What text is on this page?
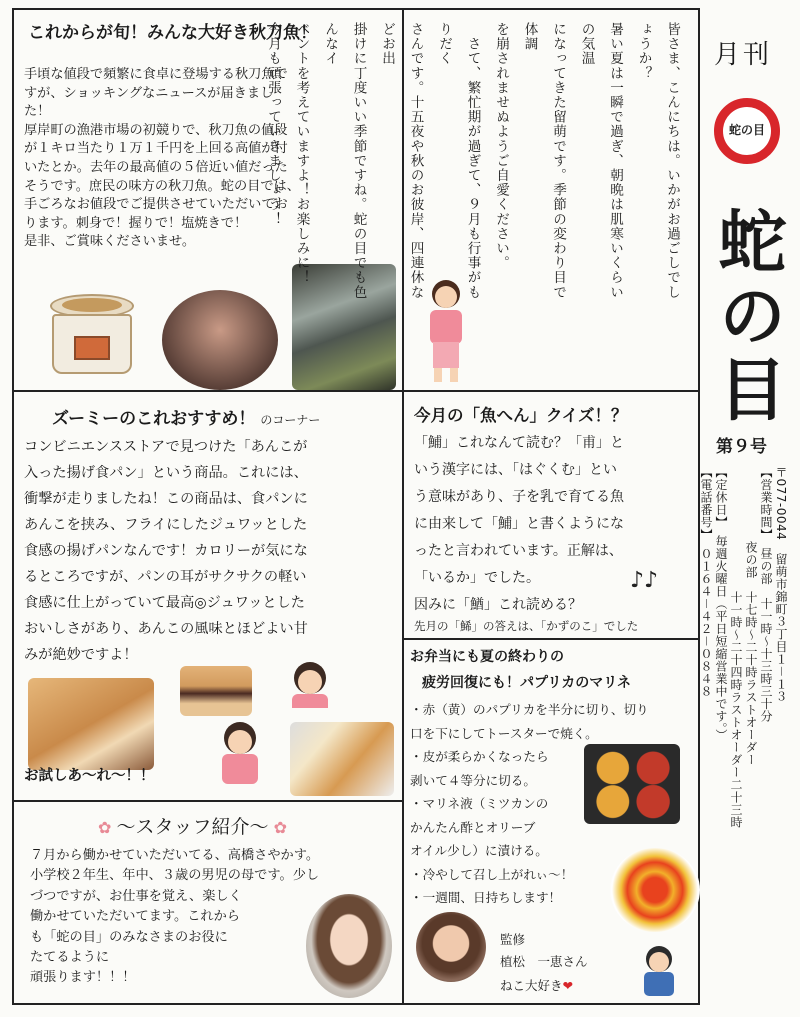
これからが旬！みんな大好き秋刀魚！

手頃な値段で頻繁に食卓に登場する秋刀魚で

すが、ショッキングなニュースが届きまし

た！

厚岸町の漁港市場の初競りで、秋刀魚の値段

が１キロ当たり１万１千円を上回る高値が付

いたとか。去年の最高値の５倍近い値だった

そうです。庶民の味方の秋刀魚。蛇の目では、

手ごろなお値段でご提供させていただいてお

ります。刺身で！握りで！塩焼きで！

是非、ご賞味くださいませ。	皆さま、こんにちは。いかがお過ごしでしょうか？

暑い夏は一瞬で過ぎ、朝晩は肌寒いくらいの気温

になってきた留萌です。季節の変わり目で体調

を崩されませぬようご自愛ください。

　さて、繁忙期が過ぎて、９月も行事がもりだく

さんです。十五夜や秋のお彼岸、四連休などお出

掛けに丁度いい季節ですね。蛇の目でも色んなイ

ベントを考えていますよ！お楽しみに！

今月も頑張っていきましょう！	月刊
蛇の目
蛇の目
第９号

〒077-0044　留萌市錦町３丁目１－１３

【営業時間】　昼の部　十一時～十三時三十分

　　　　　　夜の部　十七時～二十時ラストオーダー

　　　　　　　　　　十一時～二十四時ラストオーダー二十三時

【定休日】　毎週火曜日（平日短縮営業中です。）

【電話番号】　０１６４－４２－０８４８

ズーミーのこれおすすめ！ のコーナー

コンビニエンスストアで見つけた「あんこが

入った揚げ食パン」という商品。これには、

衝撃が走りましたね！この商品は、食パンに

あんこを挟み、フライにしたジュワッとした

食感の揚げパンなんです！カロリーが気にな

るところですが、パンの耳がサクサクの軽い

食感に仕上がっていて最高◎ジュワッとした

おいしさがあり、あんこの風味とほどよい甘

みが絶妙ですよ！

お試しあ～れ～！！
今月の「魚へん」クイズ！？

「鯆」これなんて読む？「甫」と

いう漢字には、「はぐくむ」とい

う意味があり、子を乳で育てる魚

に由来して「鯆」と書くようにな

ったと言われています。正解は、

「いるか」でした。

因みに「鰌」これ読める？

♪♪
先月の「鯑」の答えは、「かずのこ」でした
お弁当にも夏の終わりの
疲労回復にも！パプリカのマリネ

・赤（黄）のパプリカを半分に切り、切り

口を下にしてトースターで焼く。

・皮が柔らかくなったら

剥いて４等分に切る。

・マリネ液（ミツカンの

かんたん酢とオリーブ

オイル少し）に漬ける。

・冷やして召し上がれぃ～！

・一週間、日持ちします！

監修
植松　一恵さん
ねこ大好き❤
✿ ～スタッフ紹介～ ✿

７月から働かせていただいてる、高橋さやかす。

小学校２年生、年中、３歳の男児の母です。少し

づつですが、お仕事を覚え、楽しく

働かせていただいてます。これから

も「蛇の目」のみなさまのお役に

たてるように

頑張ります！！！
